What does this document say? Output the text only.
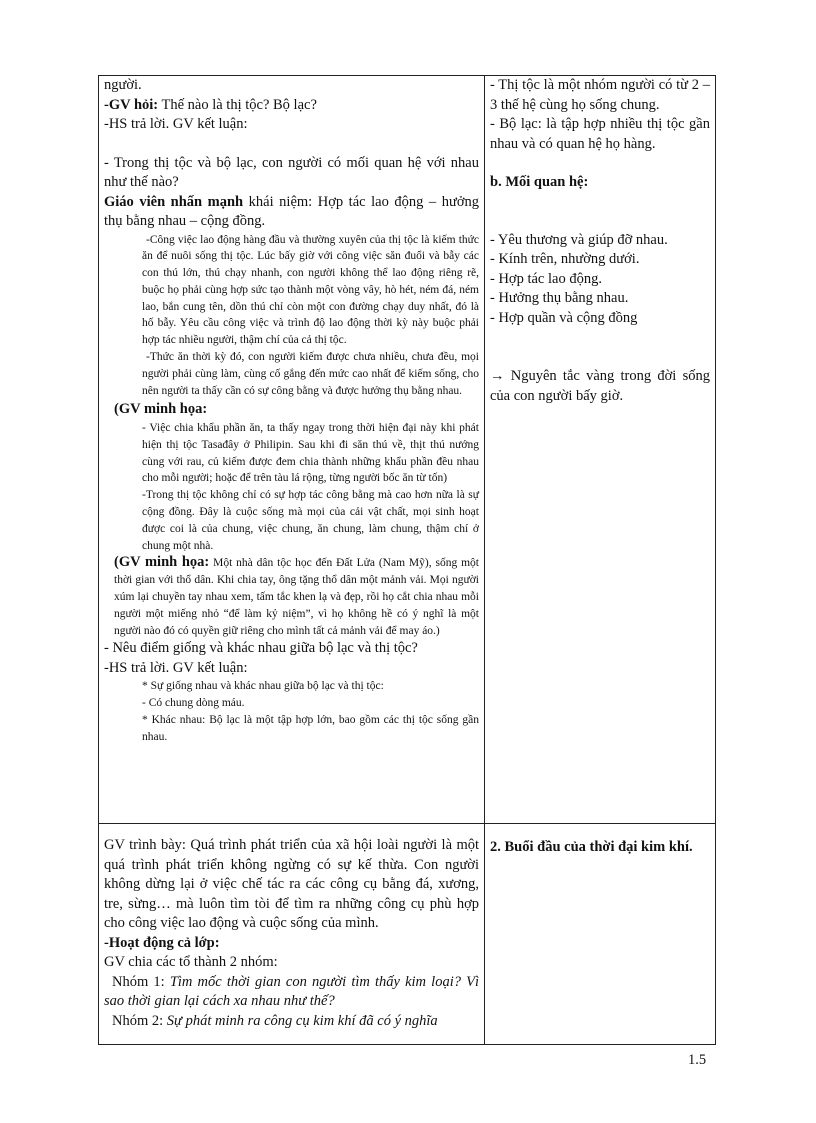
người.

-GV hỏi: Thế nào là thị tộc? Bộ lạc?

-HS trả lời. GV kết luận:

- Trong thị tộc và bộ lạc, con người có mối quan hệ với nhau như thế nào?

Giáo viên nhấn mạnh khái niệm: Hợp tác lao động – hưởng thụ bằng nhau – cộng đồng.

-Công việc lao động hàng đầu và thường xuyên của thị tộc là kiếm thức ăn để nuôi sống thị tộc. Lúc bấy giờ với công việc săn đuổi và bẫy các con thú lớn, thú chạy nhanh, con người không thể lao động riêng rẽ, buộc họ phải cùng hợp sức tạo thành một vòng vây, hò hét, ném đá, ném lao, bắn cung tên, dồn thú chỉ còn một con đường chạy duy nhất, đó là hố bẫy. Yêu cầu công việc và trình độ lao động thời kỳ này buộc phải hợp tác nhiều người, thậm chí của cả thị tộc.

-Thức ăn thời kỳ đó, con người kiếm được chưa nhiều, chưa đều, mọi người phải cùng làm, cùng cố gắng đến mức cao nhất để kiếm sống, cho nên người ta thấy cần có sự công bằng và được hưởng thụ bằng nhau.

(GV minh họa:

- Việc chia khẩu phần ăn, ta thấy ngay trong thời hiện đại này khi phát hiện thị tộc Tasađây ở Philipin. Sau khi đi săn thú về, thịt thú nướng cùng với rau, củ kiếm được đem chia thành những khẩu phần đều nhau cho mỗi người; hoặc để trên tàu lá rộng, từng người bốc ăn từ tốn)

-Trong thị tộc không chỉ có sự hợp tác công bằng mà cao hơn nữa là sự cộng đồng. Đây là cuộc sống mà mọi của cải vật chất, mọi sinh hoạt được coi là của chung, việc chung, ăn chung, làm chung, thậm chí ở chung một nhà.

(GV minh họa: Một nhà dân tộc học đến Đất Lửa (Nam Mỹ), sống một thời gian với thổ dân. Khi chia tay, ông tặng thổ dân một mảnh vải. Mọi người xúm lại chuyền tay nhau xem, tấm tắc khen lạ và đẹp, rồi họ cắt chia nhau mỗi người một miếng nhỏ “để làm kỷ niệm”, vì họ không hề có ý nghĩ là một người nào đó có quyền giữ riêng cho mình tất cả mảnh vải để may áo.)

- Nêu điểm giống và khác nhau giữa bộ lạc và thị tộc?

-HS trả lời. GV kết luận:

* Sự giống nhau và khác nhau giữa bộ lạc và thị tộc:

- Có chung dòng máu.

* Khác nhau: Bộ lạc là một tập hợp lớn, bao gồm các thị tộc sống gần nhau.

GV trình bày: Quá trình phát triển của xã hội loài người là một quá trình phát triển không ngừng có sự kế thừa. Con người không dừng lại ở việc chế tác ra các công cụ bằng đá, xương, tre, sừng… mà luôn tìm tòi để tìm ra những công cụ phù hợp cho công việc lao động và cuộc sống của mình.

-Hoạt động cả lớp:

GV chia các tổ thành 2 nhóm:

Nhóm 1: Tìm mốc thời gian con người tìm thấy kim loại? Vì sao thời gian lại cách xa nhau như thế?

Nhóm 2: Sự phát minh ra công cụ kim khí đã có ý nghĩa

- Thị tộc là một nhóm người có từ 2 – 3 thế hệ cùng họ sống chung.

- Bộ lạc: là tập hợp nhiều thị tộc gần nhau và có quan hệ họ hàng.

b. Mối quan hệ:

- Yêu thương và giúp đỡ nhau.

- Kính trên, nhường dưới.

- Hợp tác lao động.

- Hưởng thụ bằng nhau.

- Hợp quần và cộng đồng

→ Nguyên tắc vàng trong đời sống của con người bấy giờ.

2. Buổi đầu của thời đại kim khí.

1.5
